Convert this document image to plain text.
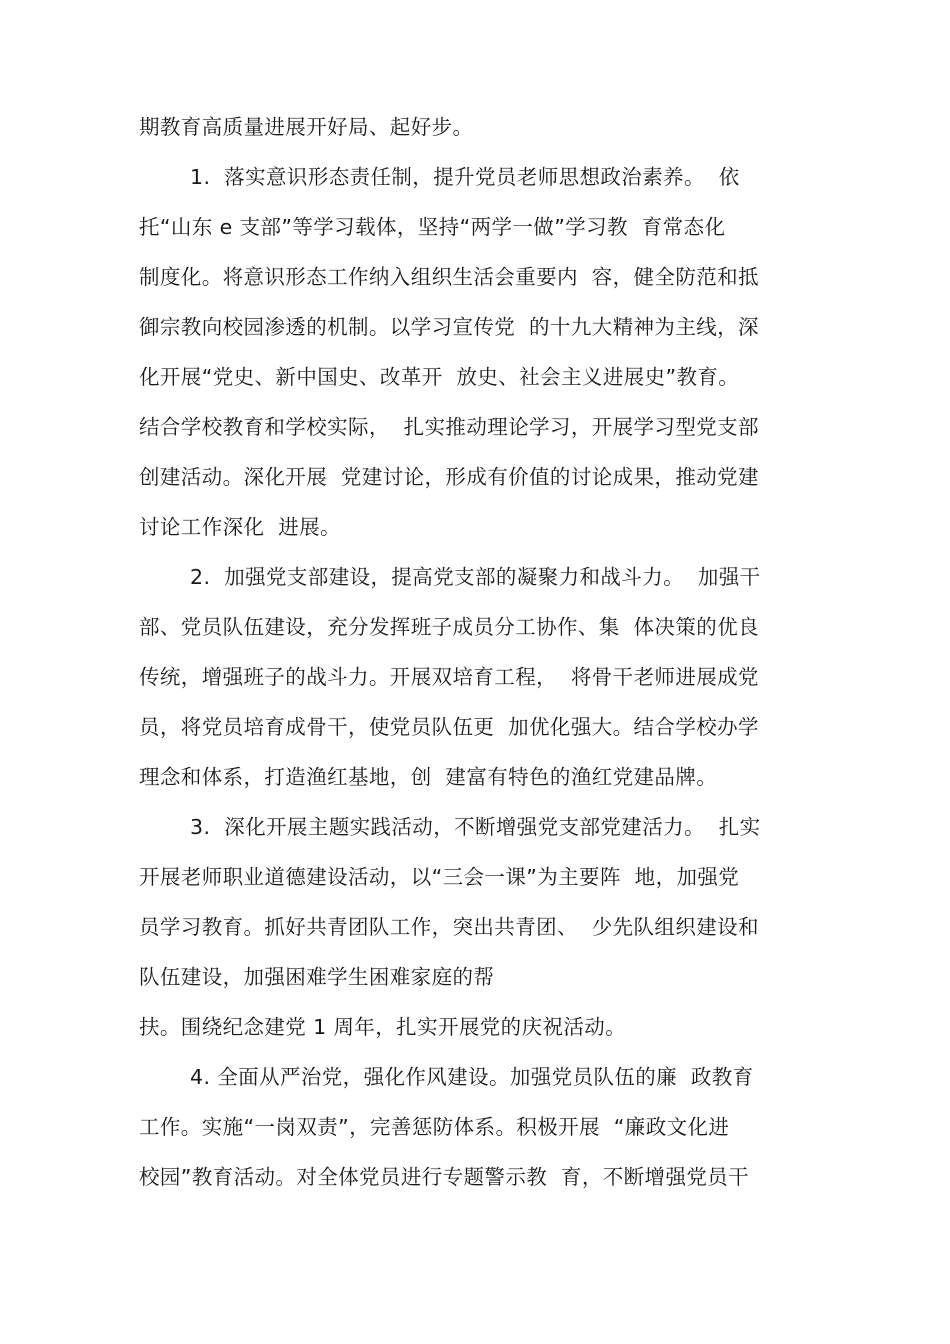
期教育高质量进展开好局、起好步。
1.  落实意识形态责任制，提升党员老师思想政治素养。  依
托“山东 e 支部”等学习载体，坚持“两学一做”学习教  育常态化
制度化。将意识形态工作纳入组织生活会重要内  容，健全防范和抵
御宗教向校园渗透的机制。以学习宣传党  的十九大精神为主线，深
化开展“党史、新中国史、改革开  放史、社会主义进展史”教育。
结合学校教育和学校实际，  扎实推动理论学习，开展学习型党支部
创建活动。深化开展  党建讨论，形成有价值的讨论成果，推动党建
讨论工作深化  进展。
2.  加强党支部建设，提高党支部的凝聚力和战斗力。  加强干
部、党员队伍建设，充分发挥班子成员分工协作、集  体决策的优良
传统，增强班子的战斗力。开展双培育工程，  将骨干老师进展成党
员，将党员培育成骨干，使党员队伍更  加优化强大。结合学校办学
理念和体系，打造渔红基地，创  建富有特色的渔红党建品牌。
3.  深化开展主题实践活动，不断增强党支部党建活力。  扎实
开展老师职业道德建设活动，以“三会一课”为主要阵  地，加强党
员学习教育。抓好共青团队工作，突出共青团、  少先队组织建设和
队伍建设，加强困难学生困难家庭的帮
扶。围绕纪念建党 1 周年，扎实开展党的庆祝活动。
4. 全面从严治党，强化作风建设。加强党员队伍的廉  政教育
工作。实施“一岗双责”，完善惩防体系。积极开展  “廉政文化进
校园”教育活动。对全体党员进行专题警示教  育，不断增强党员干
